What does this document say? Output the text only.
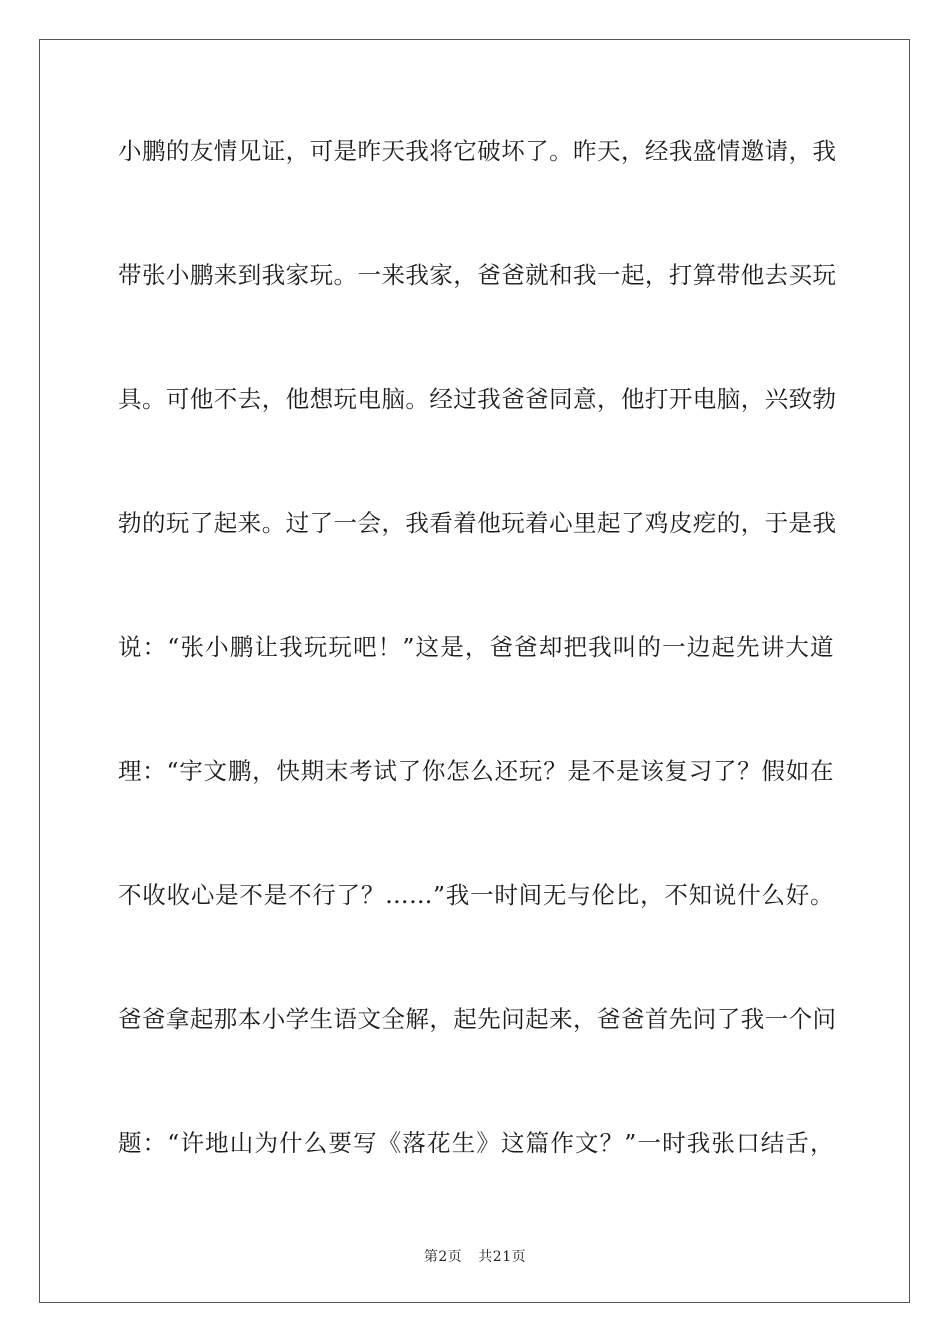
小鹏的友情见证，可是昨天我将它破坏了。昨天，经我盛情邀请，我
带张小鹏来到我家玩。一来我家，爸爸就和我一起，打算带他去买玩
具。可他不去，他想玩电脑。经过我爸爸同意，他打开电脑，兴致勃
勃的玩了起来。过了一会，我看着他玩着心里起了鸡皮疙的，于是我
说：“张小鹏让我玩玩吧！”这是，爸爸却把我叫的一边起先讲大道
理：“宇文鹏，快期末考试了你怎么还玩？是不是该复习了？假如在
不收收心是不是不行了？……”我一时间无与伦比，不知说什么好。
爸爸拿起那本小学生语文全解，起先问起来，爸爸首先问了我一个问
题：“许地山为什么要写《落花生》这篇作文？”一时我张口结舌，
第2页 共21页
